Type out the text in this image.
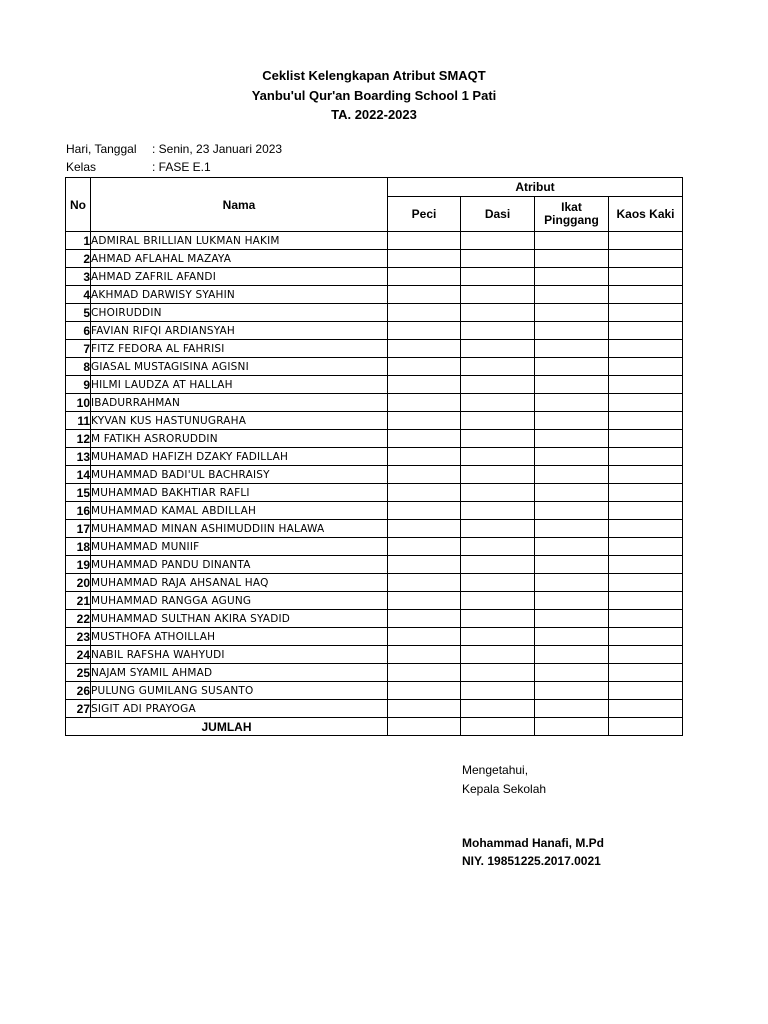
Ceklist Kelengkapan Atribut SMAQT
Yanbu'ul Qur'an Boarding School 1 Pati
TA. 2022-2023
Hari, Tanggal : Senin, 23 Januari 2023
Kelas	: FASE E.1
No	Nama	Atribut			
		Peci	Dasi	Ikat Pinggang	Kaos Kaki
1	ADMIRAL BRILLIAN LUKMAN HAKIM				
2	AHMAD AFLAHAL MAZAYA				
3	AHMAD ZAFRIL AFANDI				
4	AKHMAD DARWISY SYAHIN				
5	CHOIRUDDIN				
6	FAVIAN RIFQI ARDIANSYAH				
7	FITZ FEDORA AL FAHRISI				
8	GIASAL MUSTAGISINA AGISNI				
9	HILMI LAUDZA AT HALLAH				
10	IBADURRAHMAN				
11	KYVAN KUS HASTUNUGRAHA				
12	M FATIKH ASRORUDDIN				
13	MUHAMAD HAFIZH DZAKY FADILLAH				
14	MUHAMMAD BADI'UL BACHRAISY				
15	MUHAMMAD BAKHTIAR RAFLI				
16	MUHAMMAD KAMAL ABDILLAH				
17	MUHAMMAD MINAN ASHIMUDDIIN HALAWA				
18	MUHAMMAD MUNIIF				
19	MUHAMMAD PANDU DINANTA				
20	MUHAMMAD RAJA AHSANAL HAQ				
21	MUHAMMAD RANGGA AGUNG				
22	MUHAMMAD SULTHAN AKIRA SYADID				
23	MUSTHOFA ATHOILLAH				
24	NABIL RAFSHA WAHYUDI				
25	NAJAM SYAMIL AHMAD				
26	PULUNG GUMILANG SUSANTO				
27	SIGIT ADI PRAYOGA				
JUMLAH					
Mengetahui,
Kepala Sekolah
Mohammad Hanafi, M.Pd
NIY. 19851225.2017.0021
